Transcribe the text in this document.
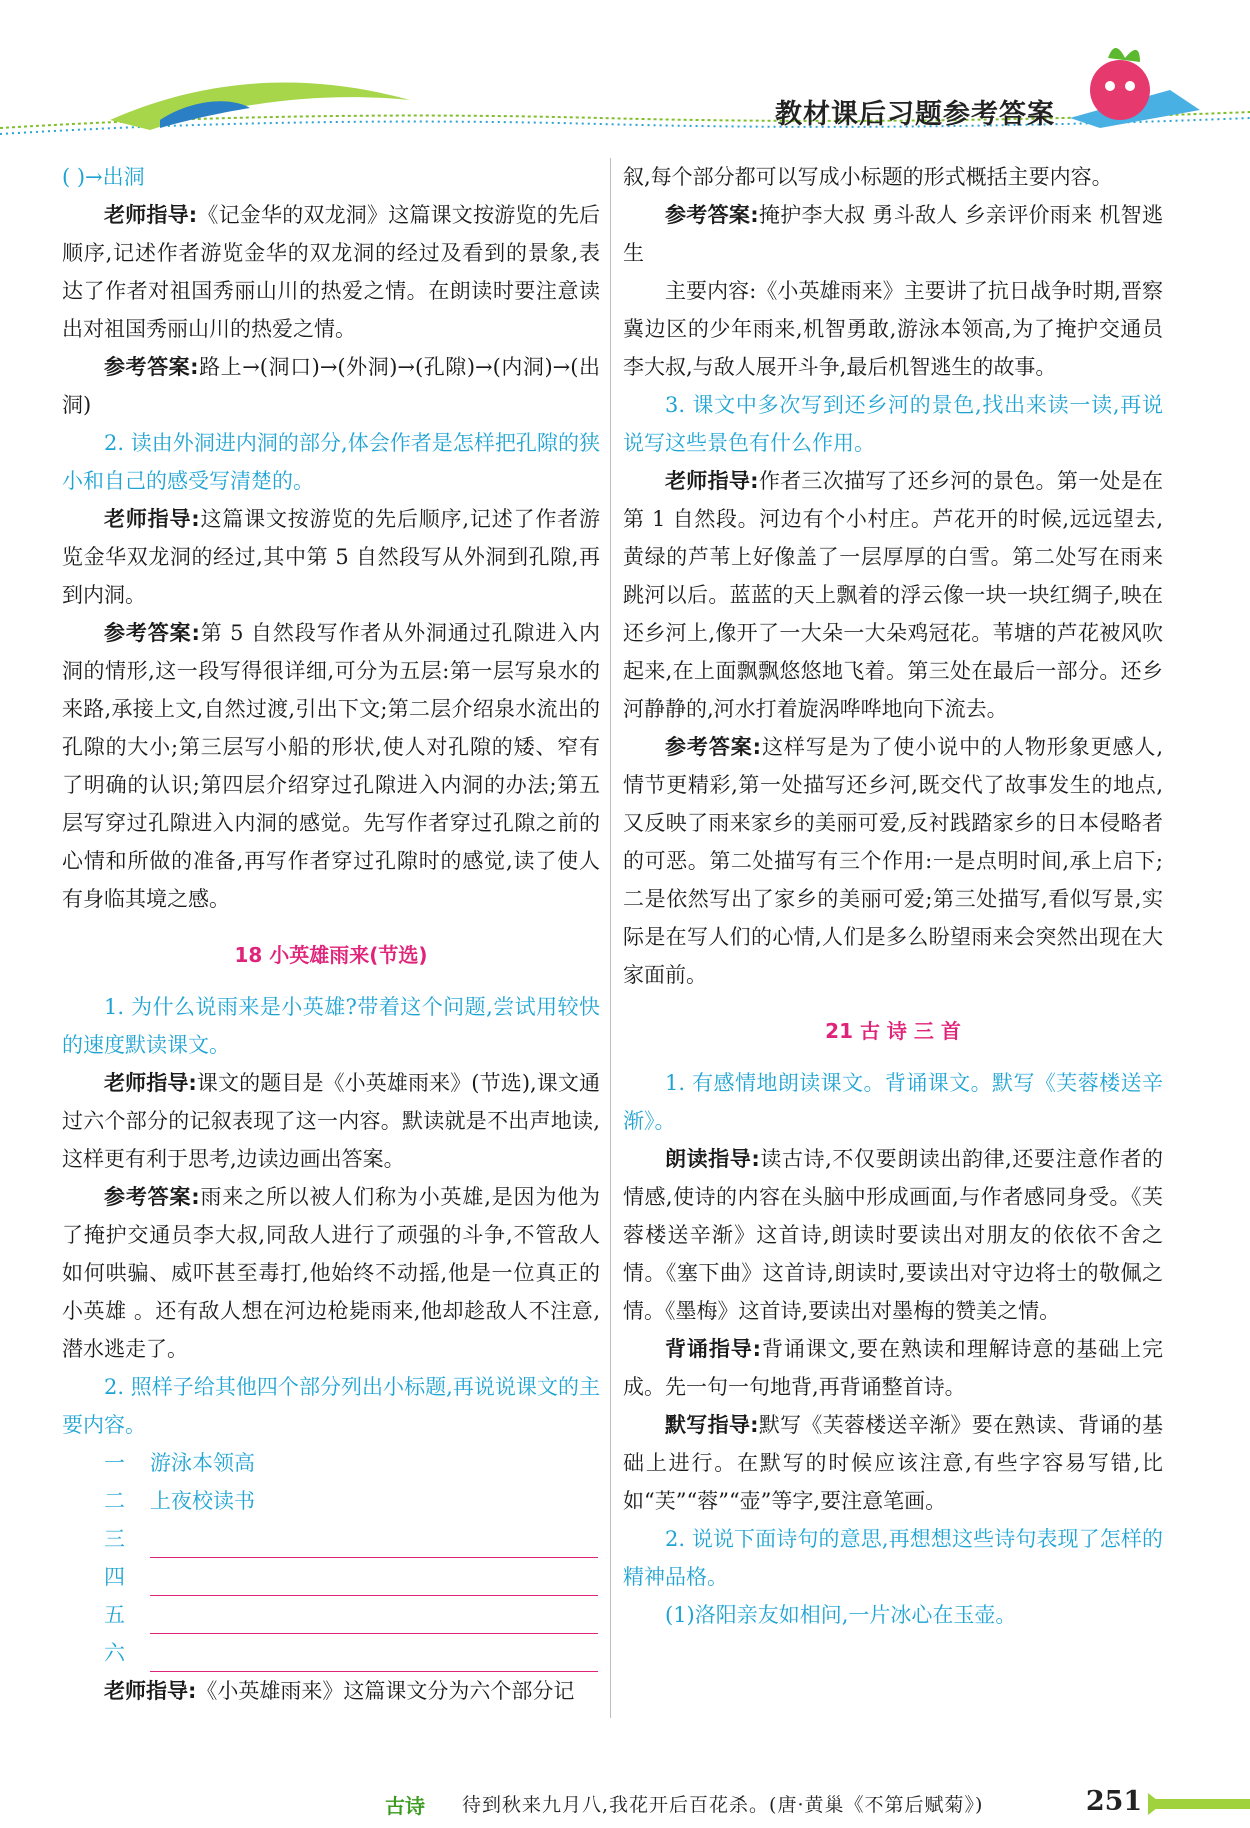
教材课后习题参考答案

( )→出洞

老师指导:《记金华的双龙洞》这篇课文按游览的先后顺序,记述作者游览金华的双龙洞的经过及看到的景象,表达了作者对祖国秀丽山川的热爱之情。在朗读时要注意读出对祖国秀丽山川的热爱之情。

参考答案:路上→(洞口)→(外洞)→(孔隙)→(内洞)→(出洞)

2. 读由外洞进内洞的部分,体会作者是怎样把孔隙的狭小和自己的感受写清楚的。

老师指导:这篇课文按游览的先后顺序,记述了作者游览金华双龙洞的经过,其中第 5 自然段写从外洞到孔隙,再到内洞。

参考答案:第 5 自然段写作者从外洞通过孔隙进入内洞的情形,这一段写得很详细,可分为五层:第一层写泉水的来路,承接上文,自然过渡,引出下文;第二层介绍泉水流出的孔隙的大小;第三层写小船的形状,使人对孔隙的矮、窄有了明确的认识;第四层介绍穿过孔隙进入内洞的办法;第五层写穿过孔隙进入内洞的感觉。先写作者穿过孔隙之前的心情和所做的准备,再写作者穿过孔隙时的感觉,读了使人有身临其境之感。

18 小英雄雨来(节选)

1. 为什么说雨来是小英雄?带着这个问题,尝试用较快的速度默读课文。

老师指导:课文的题目是《小英雄雨来》(节选),课文通过六个部分的记叙表现了这一内容。默读就是不出声地读,这样更有利于思考,边读边画出答案。

参考答案:雨来之所以被人们称为小英雄,是因为他为了掩护交通员李大叔,同敌人进行了顽强的斗争,不管敌人如何哄骗、威吓甚至毒打,他始终不动摇,他是一位真正的小英雄 。还有敌人想在河边枪毙雨来,他却趁敌人不注意,潜水逃走了。

2. 照样子给其他四个部分列出小标题,再说说课文的主要内容。

一	游泳本领高
二	上夜校读书
三
四
五
六

老师指导:《小英雄雨来》这篇课文分为六个部分记

叙,每个部分都可以写成小标题的形式概括主要内容。

参考答案:掩护李大叔 勇斗敌人 乡亲评价雨来 机智逃生

主要内容:《小英雄雨来》主要讲了抗日战争时期,晋察冀边区的少年雨来,机智勇敢,游泳本领高,为了掩护交通员李大叔,与敌人展开斗争,最后机智逃生的故事。

3. 课文中多次写到还乡河的景色,找出来读一读,再说说写这些景色有什么作用。

老师指导:作者三次描写了还乡河的景色。第一处是在第 1 自然段。河边有个小村庄。芦花开的时候,远远望去,黄绿的芦苇上好像盖了一层厚厚的白雪。第二处写在雨来跳河以后。蓝蓝的天上飘着的浮云像一块一块红绸子,映在还乡河上,像开了一大朵一大朵鸡冠花。苇塘的芦花被风吹起来,在上面飘飘悠悠地飞着。第三处在最后一部分。还乡河静静的,河水打着旋涡哗哗地向下流去。

参考答案:这样写是为了使小说中的人物形象更感人,情节更精彩,第一处描写还乡河,既交代了故事发生的地点,又反映了雨来家乡的美丽可爱,反衬践踏家乡的日本侵略者的可恶。第二处描写有三个作用:一是点明时间,承上启下;二是依然写出了家乡的美丽可爱;第三处描写,看似写景,实际是在写人们的心情,人们是多么盼望雨来会突然出现在大家面前。

21 古 诗 三 首

1. 有感情地朗读课文。背诵课文。默写《芙蓉楼送辛渐》。

朗读指导:读古诗,不仅要朗读出韵律,还要注意作者的情感,使诗的内容在头脑中形成画面,与作者感同身受。《芙蓉楼送辛渐》这首诗,朗读时要读出对朋友的依依不舍之情。《塞下曲》这首诗,朗读时,要读出对守边将士的敬佩之情。《墨梅》这首诗,要读出对墨梅的赞美之情。

背诵指导:背诵课文,要在熟读和理解诗意的基础上完成。先一句一句地背,再背诵整首诗。

默写指导:默写《芙蓉楼送辛渐》要在熟读、背诵的基础上进行。在默写的时候应该注意,有些字容易写错,比如“芙”“蓉”“壶”等字,要注意笔画。

2. 说说下面诗句的意思,再想想这些诗句表现了怎样的精神品格。

(1)洛阳亲友如相问,一片冰心在玉壶。

古诗 待到秋来九月八,我花开后百花杀。(唐·黄巢《不第后赋菊》)	251
